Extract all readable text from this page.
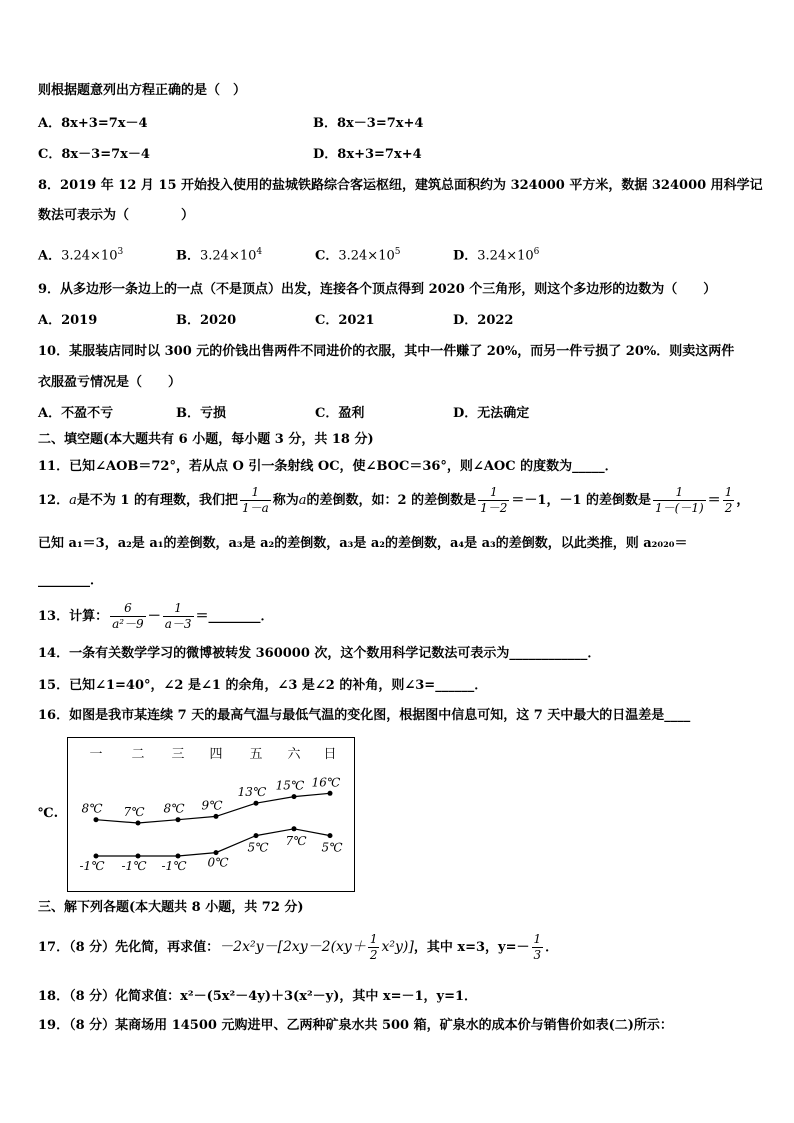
则根据题意列出方程正确的是（　）
A．8x+3=7x－4	B．8x－3=7x+4
C．8x－3=7x－4	D．8x+3=7x+4
8．2019 年 12 月 15 开始投入使用的盐城铁路综合客运枢纽，建筑总面积约为 324000 平方米，数据 324000 用科学记
数法可表示为（　　　　）
A．$3.24\times 10^3$	B．$3.24\times 10^4$	C．$3.24\times 10^5$	D．$3.24\times 10^6$
9．从多边形一条边上的一点（不是顶点）出发，连接各个顶点得到 2020 个三角形，则这个多边形的边数为（　　）
A．2019	B．2020	C．2021	D．2022
10．某服装店同时以 300 元的价钱出售两件不同进价的衣服，其中一件赚了 20%，而另一件亏损了 20%．则卖这两件
衣服盈亏情况是（　　）
A．不盈不亏	B．亏损	C．盈利	D．无法确定
二、填空题(本大题共有 6 小题，每小题 3 分，共 18 分)
11．已知∠AOB＝72°，若从点 O 引一条射线 OC，使∠BOC＝36°，则∠AOC 的度数为_____．
12．a是不为 1 的有理数，我们把 $\frac{1}{1-a}$ 称为a的差倒数，如：2 的差倒数是 $\frac{1}{1-2} =-1$，－1 的差倒数是 $\frac{1}{1-(-1)} = \frac{1}{2}$ ，
已知 a₁＝3，a₂是 a₁的差倒数，a₃是 a₂的差倒数，a₃是 a₂的差倒数，a₄是 a₃的差倒数，以此类推，则 a₂₀₂₀＝
________．
13．计算： $\frac{6}{\text{a²－9}} - \frac{1}{a-3}$ ＝________．
14．一条有关数学学习的微博被转发 360000 次，这个数用科学记数法可表示为____________．
15．已知∠1=40°，∠2 是∠1 的余角，∠3 是∠2 的补角，则∠3=______．
16．如图是我市某连续 7 天的最高气温与最低气温的变化图，根据图中信息可知，这 7 天中最大的日温差是____
℃.
一 二 三 四 五 六 日
8℃ 7℃ 8℃ 9℃
13℃ 15℃ 16℃
-1℃ -1℃ -1℃ 0℃
5℃ 7℃ 5℃
三、解下列各题(本大题共 8 小题，共 72 分)
17．（8 分）先化简，再求值：$-2x^2y-[2xy-2(xy+ \frac{1}{2} x^2y)]$，其中 x=3，$y=- \frac{1}{3}$ ．
18．（8 分）化简求值：x²－(5x²－4y)＋3(x²－y)，其中 x=－1，y=1．
19．（8 分）某商场用 14500 元购进甲、乙两种矿泉水共 500 箱，矿泉水的成本价与销售价如表(二)所示：
